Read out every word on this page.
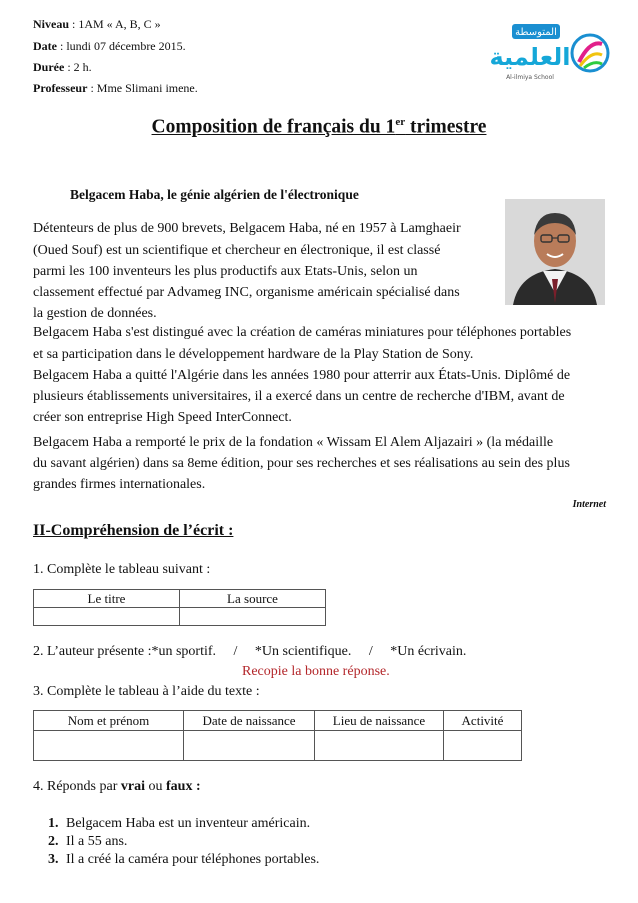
Niveau : 1AM « A, B, C »
Date : lundi 07 décembre 2015.
Durée : 2 h.
Professeur : Mme Slimani imene.
المتوسطة
العلمية
Al-ilmiya School
Composition de français du 1er trimestre
Belgacem Haba, le génie algérien de l'électronique
Détenteurs de plus de 900 brevets, Belgacem Haba, né en 1957 à Lamghaeir
(Oued Souf) est un scientifique et chercheur en électronique, il est classé
parmi les 100 inventeurs les plus productifs aux Etats-Unis, selon un
classement effectué par Advameg INC, organisme américain spécialisé dans
la gestion de données.
Belgacem Haba s'est distingué avec la création de caméras miniatures pour téléphones portables
et sa participation dans le développement hardware de la Play Station de Sony.
Belgacem Haba a quitté l'Algérie dans les années 1980 pour atterrir aux États-Unis. Diplômé de
plusieurs établissements universitaires, il a exercé dans un centre de recherche d'IBM, avant de
créer son entreprise High Speed InterConnect.
Belgacem Haba a remporté le prix de la fondation « Wissam El Alem Aljazairi » (la médaille
du savant algérien) dans sa 8eme édition, pour ses recherches et ses réalisations au sein des plus
grandes firmes internationales.
Internet
II-Compréhension de l’écrit :
1. Complète le tableau suivant :
Le titre	La source

2. L’auteur présente :*un sportif.     /     *Un scientifique.     /     *Un écrivain.
Recopie la bonne réponse.
3. Complète le tableau à l’aide du texte :
Nom et prénom	Date de naissance	Lieu de naissance	Activité

4. Réponds par vrai ou faux :
1. Belgacem Haba est un inventeur américain.
2. Il a 55 ans.
3. Il a créé la caméra pour téléphones portables.
